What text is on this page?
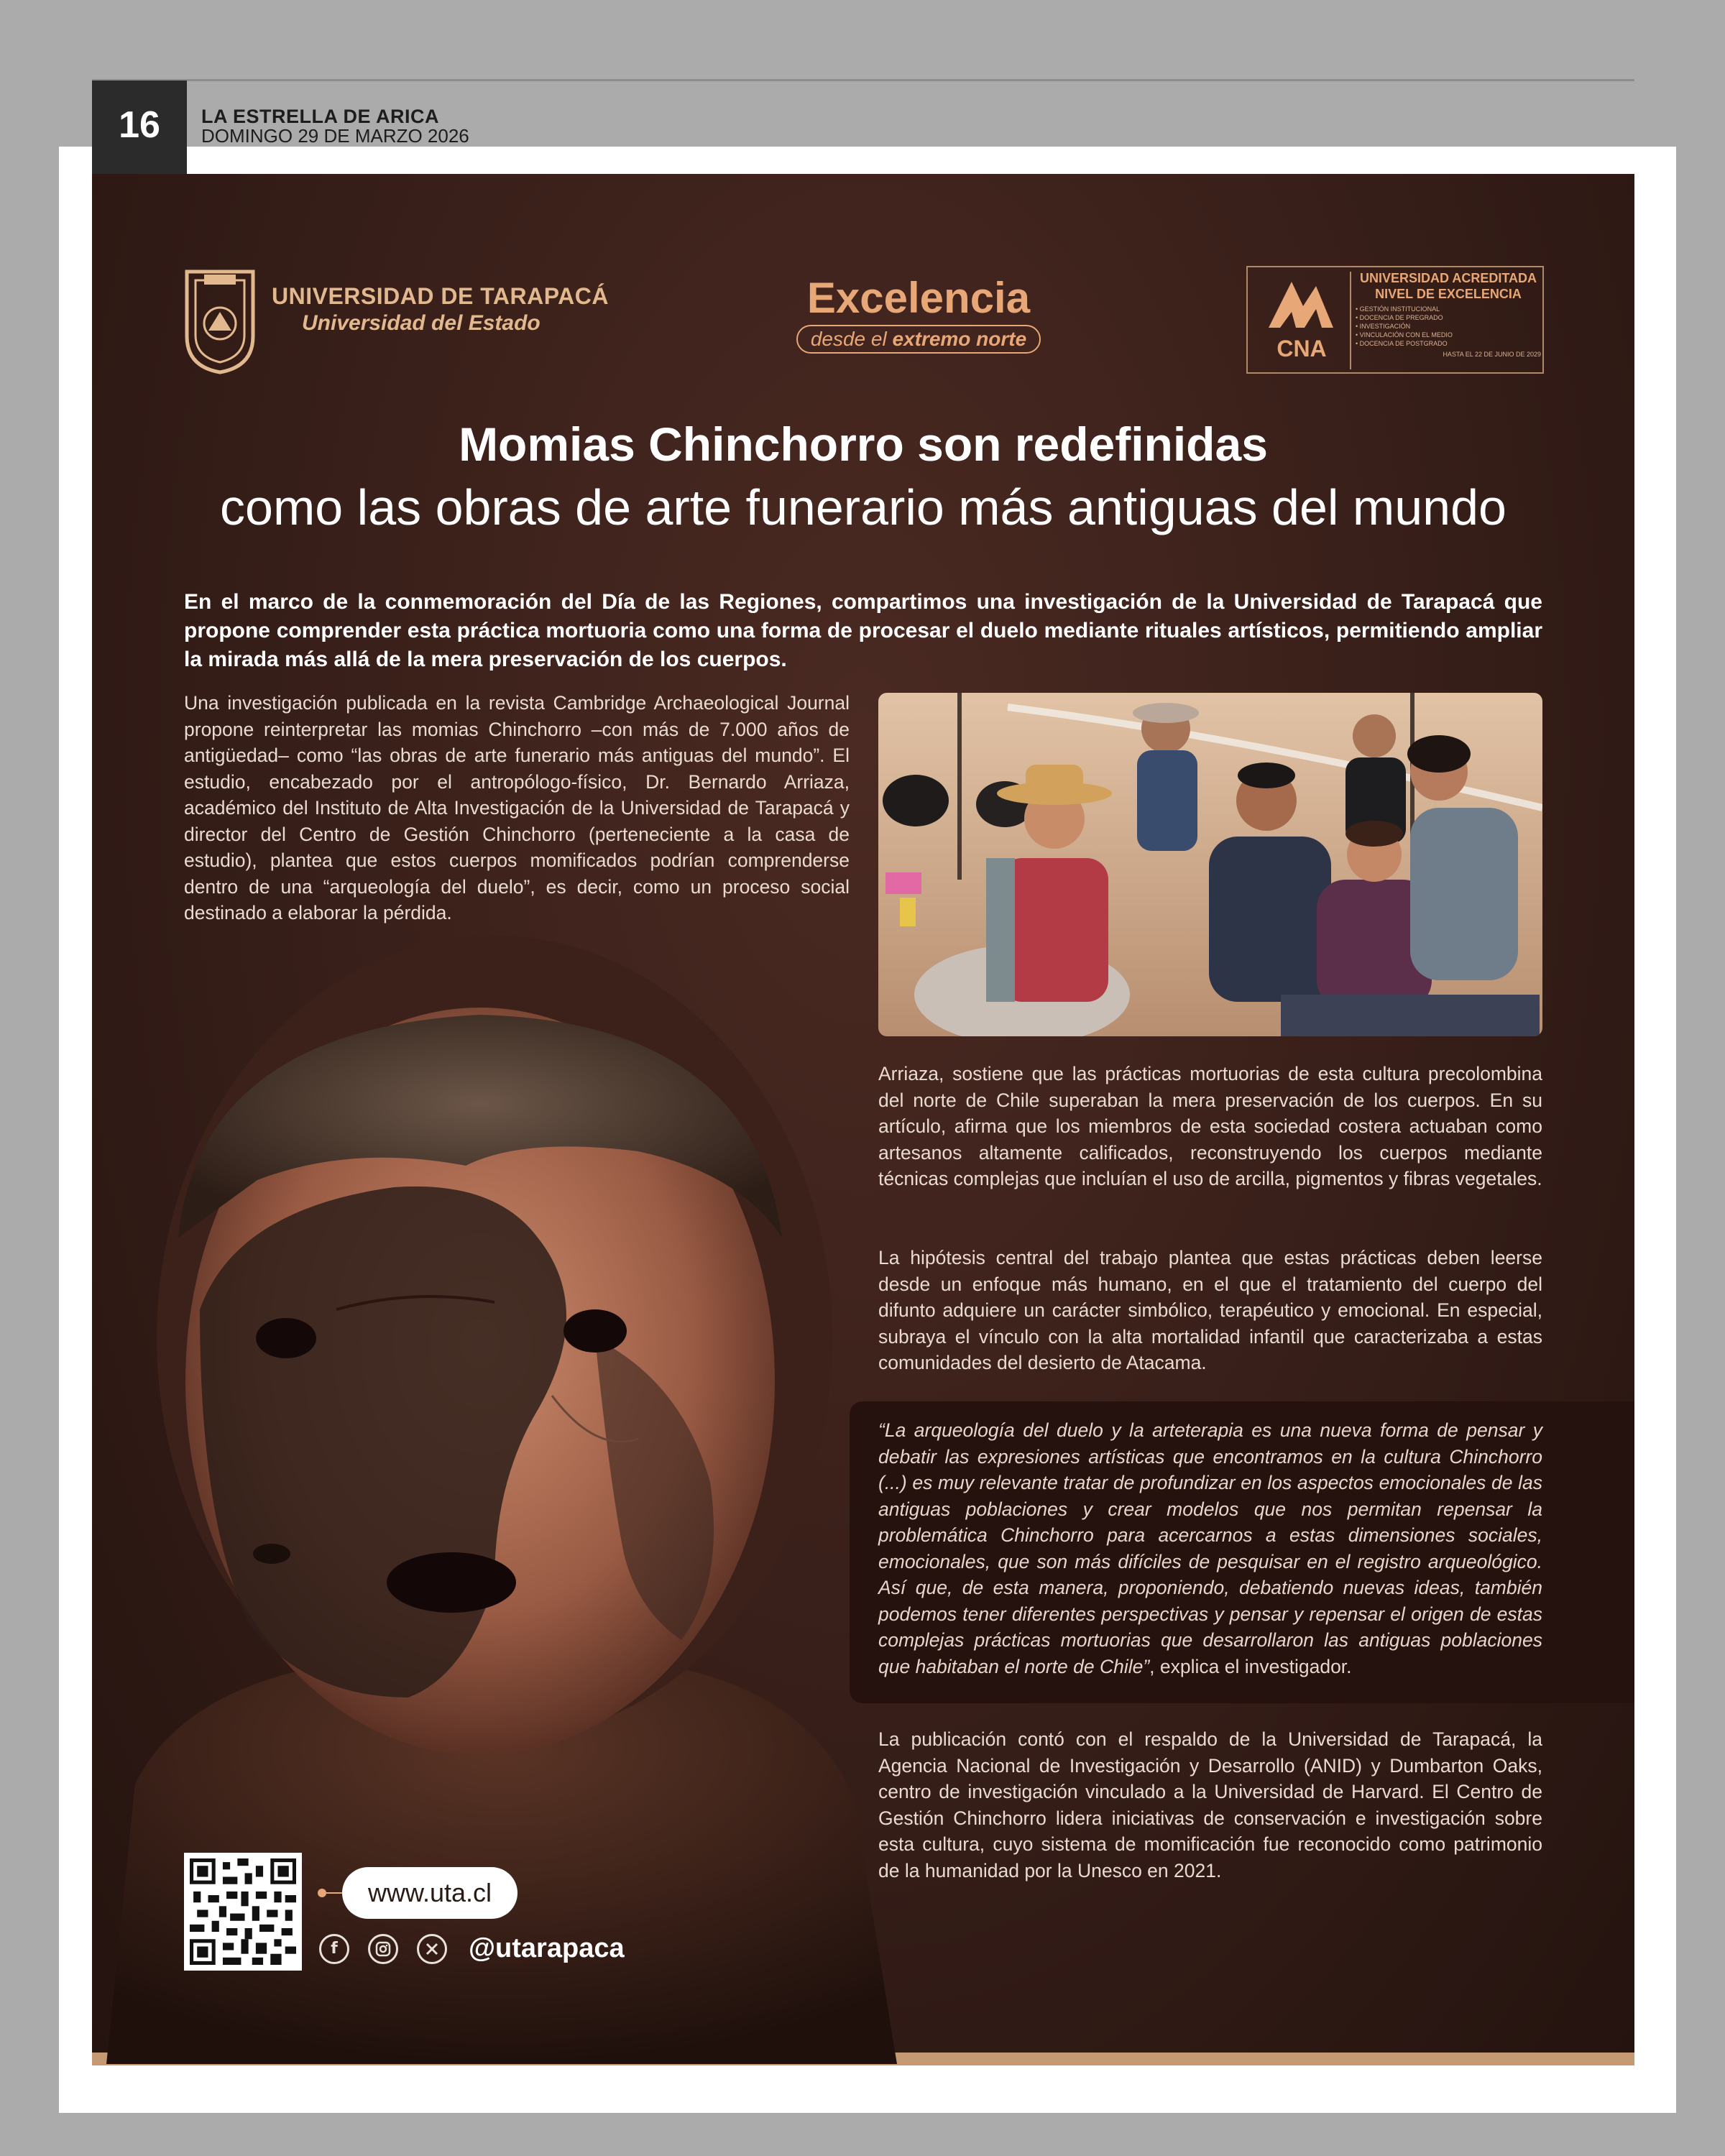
16	LA ESTRELLA DE ARICA
DOMINGO 29 DE MARZO 2026
UNIVERSIDAD DE TARAPACÁ
Universidad del Estado
Excelencia
desde el extremo norte	CNA
UNIVERSIDAD ACREDITADA
NIVEL DE EXCELENCIA
• GESTIÓN INSTITUCIONAL
• DOCENCIA DE PREGRADO
• INVESTIGACIÓN
• VINCULACIÓN CON EL MEDIO
• DOCENCIA DE POSTGRADO
HASTA EL 22 DE JUNIO DE 2029
Momias Chinchorro son redefinidas
como las obras de arte funerario más antiguas del mundo

En el marco de la conmemoración del Día de las Regiones, compartimos una investigación de la Universidad de Tarapacá que propone comprender esta práctica mortuoria como una forma de procesar el duelo mediante rituales artísticos, permitiendo ampliar la mirada más allá de la mera preservación de los cuerpos.

Una investigación publicada en la revista Cambridge Archaeological Journal propone reinterpretar las momias Chinchorro –con más de 7.000 años de antigüedad– como “las obras de arte funerario más antiguas del mundo”. El estudio, encabezado por el antropólogo-físico, Dr. Bernardo Arriaza, académico del Instituto de Alta Investigación de la Universidad de Tarapacá y director del Centro de Gestión Chinchorro (perteneciente a la casa de estudio), plantea que estos cuerpos momificados podrían comprenderse dentro de una “arqueología del duelo”, es decir, como un proceso social destinado a elaborar la pérdida.

Arriaza, sostiene que las prácticas mortuorias de esta cultura precolombina del norte de Chile superaban la mera preservación de los cuerpos. En su artículo, afirma que los miembros de esta sociedad costera actuaban como artesanos altamente calificados, reconstruyendo los cuerpos mediante técnicas complejas que incluían el uso de arcilla, pigmentos y fibras vegetales.

La hipótesis central del trabajo plantea que estas prácticas deben leerse desde un enfoque más humano, en el que el tratamiento del cuerpo del difunto adquiere un carácter simbólico, terapéutico y emocional. En especial, subraya el vínculo con la alta mortalidad infantil que caracterizaba a estas comunidades del desierto de Atacama.

“La arqueología del duelo y la arteterapia es una nueva forma de pensar y debatir las expresiones artísticas que encontramos en la cultura Chinchorro (...) es muy relevante tratar de profundizar en los aspectos emocionales de las antiguas poblaciones y crear modelos que nos permitan repensar la problemática Chinchorro para acercarnos a estas dimensiones sociales, emocionales, que son más difíciles de pesquisar en el registro arqueológico. Así que, de esta manera, proponiendo, debatiendo nuevas ideas, también podemos tener diferentes perspectivas y pensar y repensar el origen de estas complejas prácticas mortuorias que desarrollaron las antiguas poblaciones que habitaban el norte de Chile”, explica el investigador.

La publicación contó con el respaldo de la Universidad de Tarapacá, la Agencia Nacional de Investigación y Desarrollo (ANID) y Dumbarton Oaks, centro de investigación vinculado a la Universidad de Harvard. El Centro de Gestión Chinchorro lidera iniciativas de conservación e investigación sobre esta cultura, cuyo sistema de momificación fue reconocido como patrimonio de la humanidad por la Unesco en 2021.

www.uta.cl
f	@utarapaca
